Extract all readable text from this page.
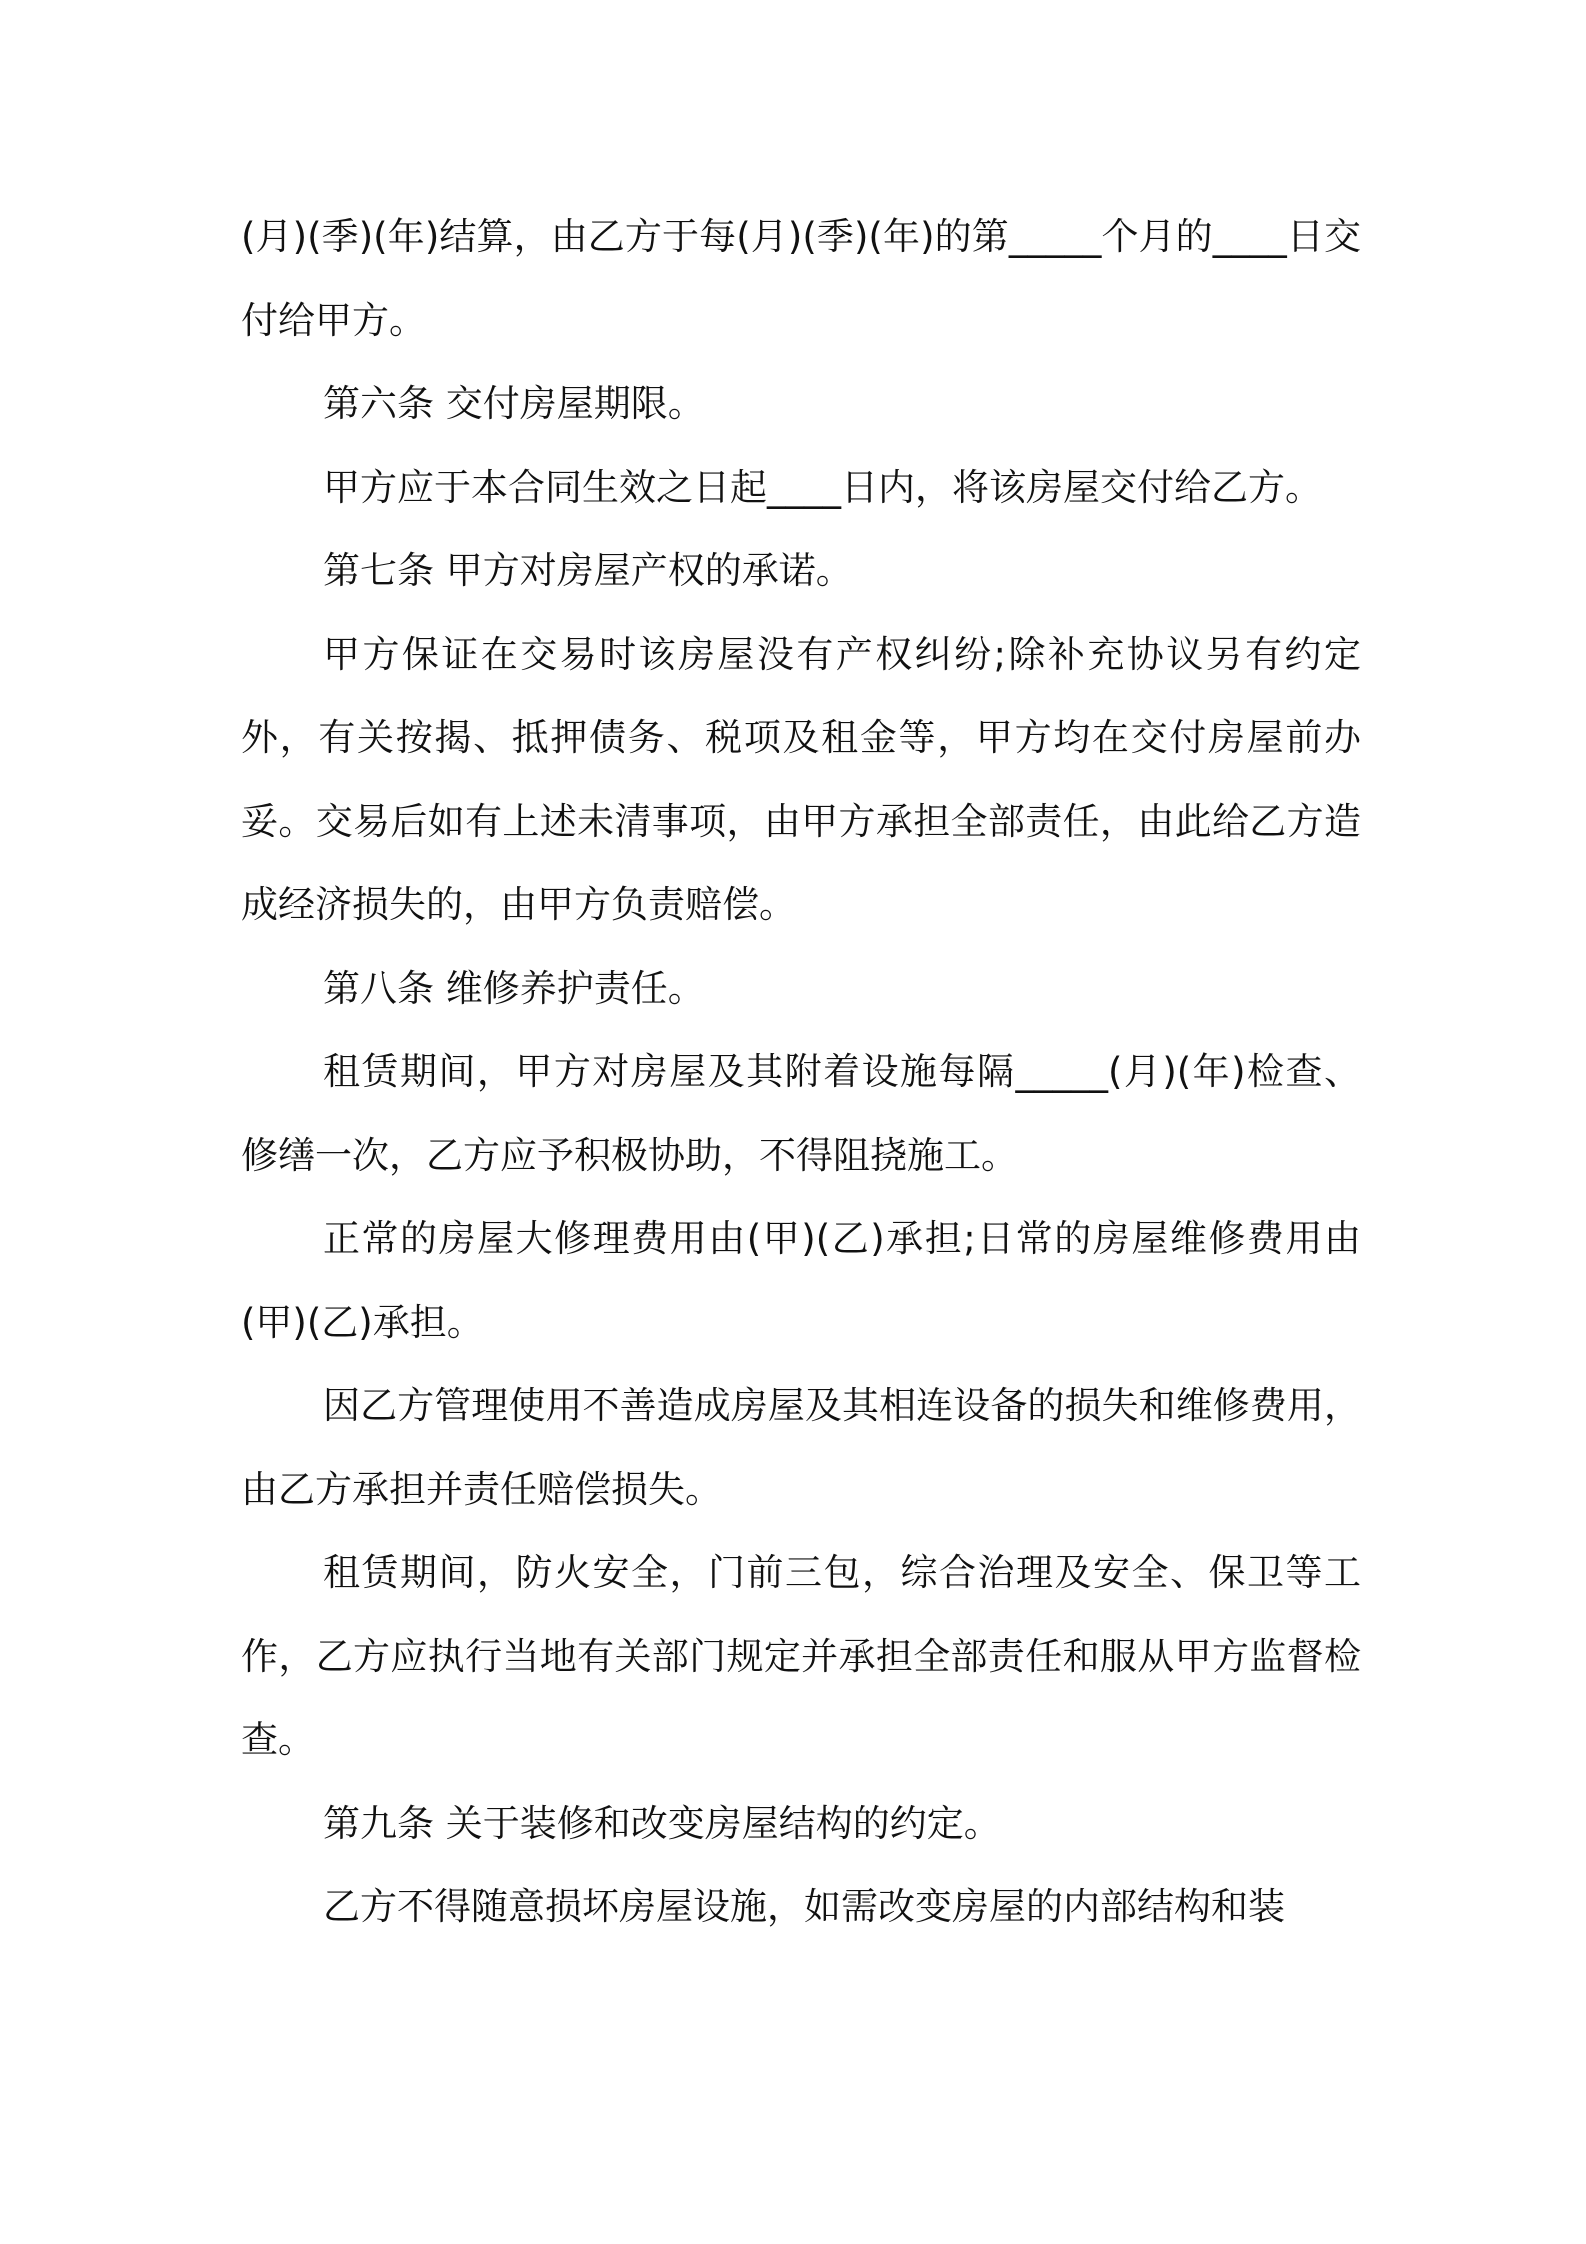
(月)(季)(年)结算，由乙方于每(月)(季)(年)的第_____个月的____日交付给甲方。

第六条 交付房屋期限。

甲方应于本合同生效之日起____日内，将该房屋交付给乙方。

第七条 甲方对房屋产权的承诺。

甲方保证在交易时该房屋没有产权纠纷;除补充协议另有约定外，有关按揭、抵押债务、税项及租金等，甲方均在交付房屋前办妥。交易后如有上述未清事项，由甲方承担全部责任，由此给乙方造成经济损失的，由甲方负责赔偿。

第八条 维修养护责任。

租赁期间，甲方对房屋及其附着设施每隔_____(月)(年)检查、修缮一次，乙方应予积极协助，不得阻挠施工。

正常的房屋大修理费用由(甲)(乙)承担;日常的房屋维修费用由(甲)(乙)承担。

因乙方管理使用不善造成房屋及其相连设备的损失和维修费用，由乙方承担并责任赔偿损失。

租赁期间，防火安全，门前三包，综合治理及安全、保卫等工作，乙方应执行当地有关部门规定并承担全部责任和服从甲方监督检查。

第九条 关于装修和改变房屋结构的约定。

乙方不得随意损坏房屋设施，如需改变房屋的内部结构和装
